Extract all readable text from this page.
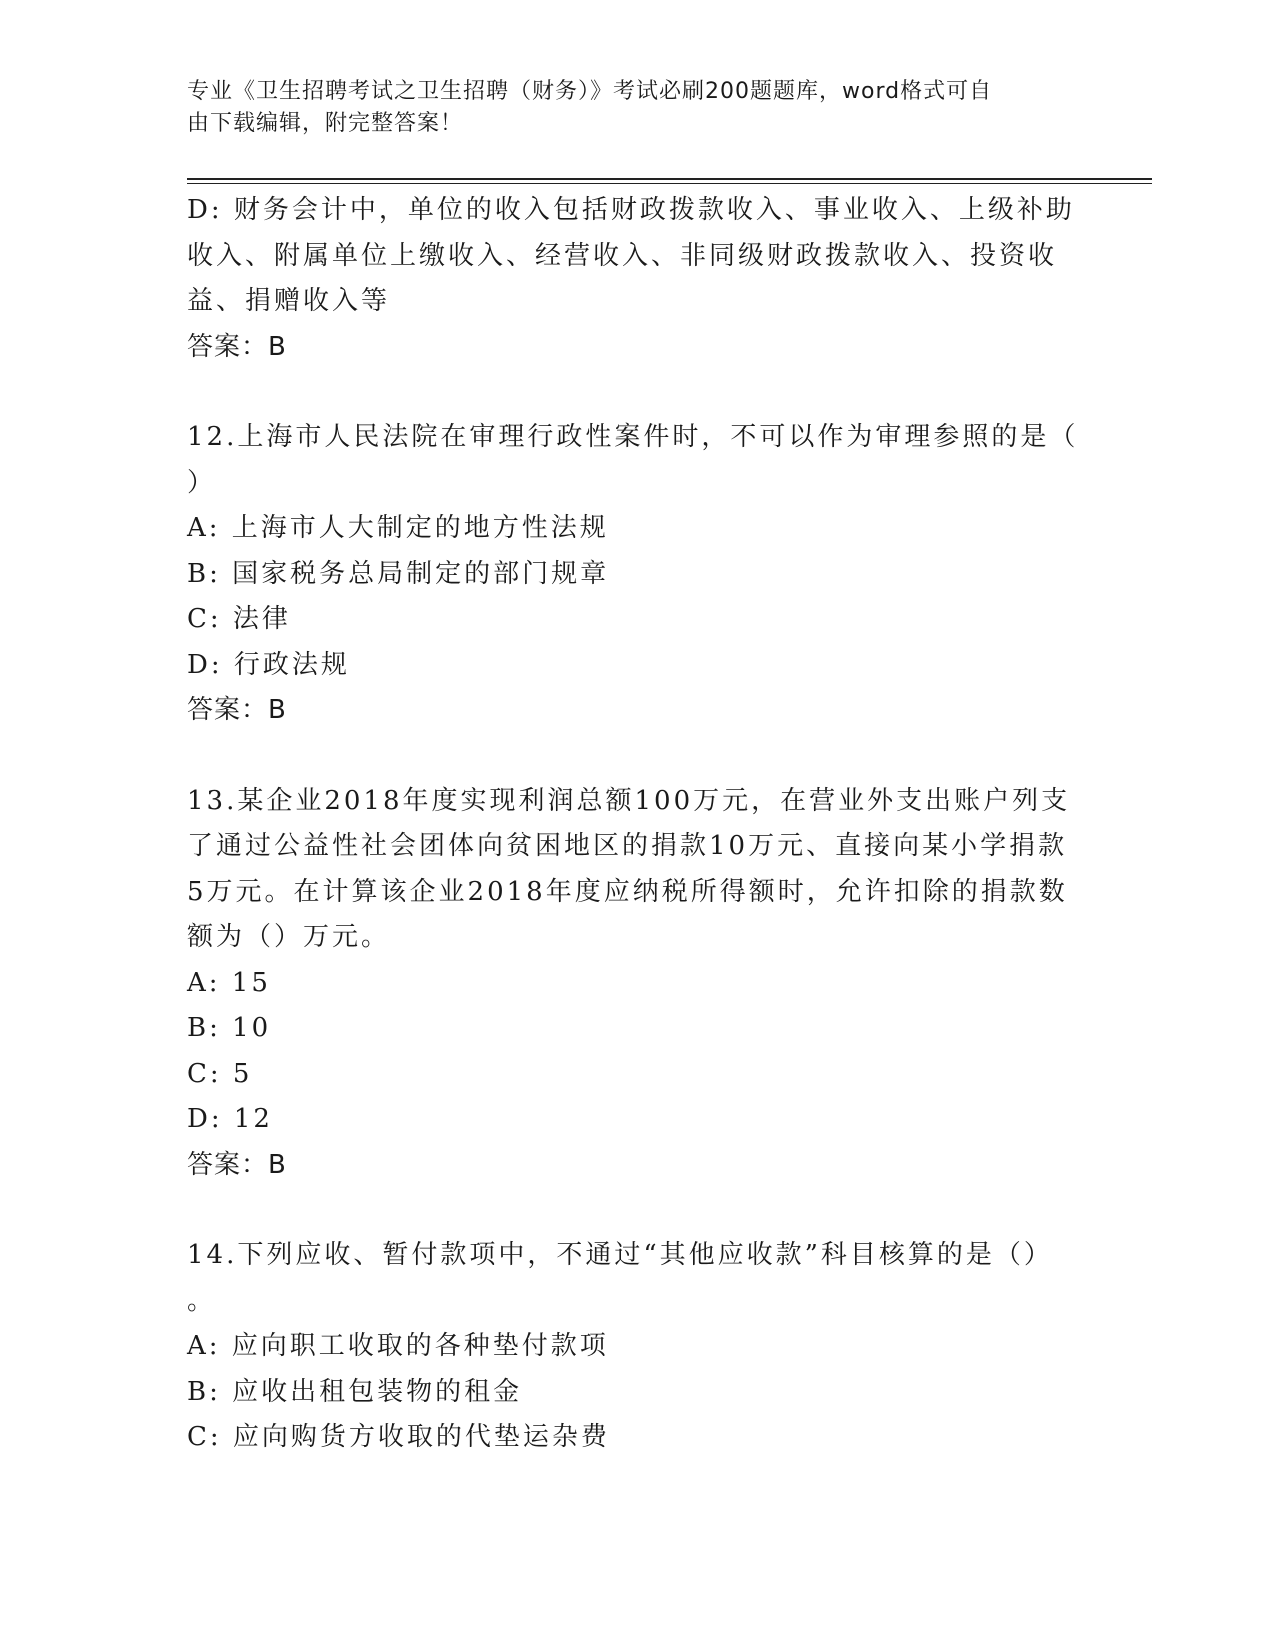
专业《卫生招聘考试之卫生招聘（财务）》考试必刷200题题库，word格式可自
由下载编辑，附完整答案！
D: 财务会计中，单位的收入包括财政拨款收入、事业收入、上级补助
收入、附属单位上缴收入、经营收入、非同级财政拨款收入、投资收
益、捐赠收入等
答案：B
12.上海市人民法院在审理行政性案件时，不可以作为审理参照的是（
）
A: 上海市人大制定的地方性法规
B: 国家税务总局制定的部门规章
C: 法律
D: 行政法规
答案：B
13.某企业2018年度实现利润总额100万元，在营业外支出账户列支
了通过公益性社会团体向贫困地区的捐款10万元、直接向某小学捐款
5万元。在计算该企业2018年度应纳税所得额时，允许扣除的捐款数
额为（）万元。
A: 15
B: 10
C: 5
D: 12
答案：B
14.下列应收、暂付款项中，不通过“其他应收款”科目核算的是（）
。
A: 应向职工收取的各种垫付款项
B: 应收出租包装物的租金
C: 应向购货方收取的代垫运杂费
